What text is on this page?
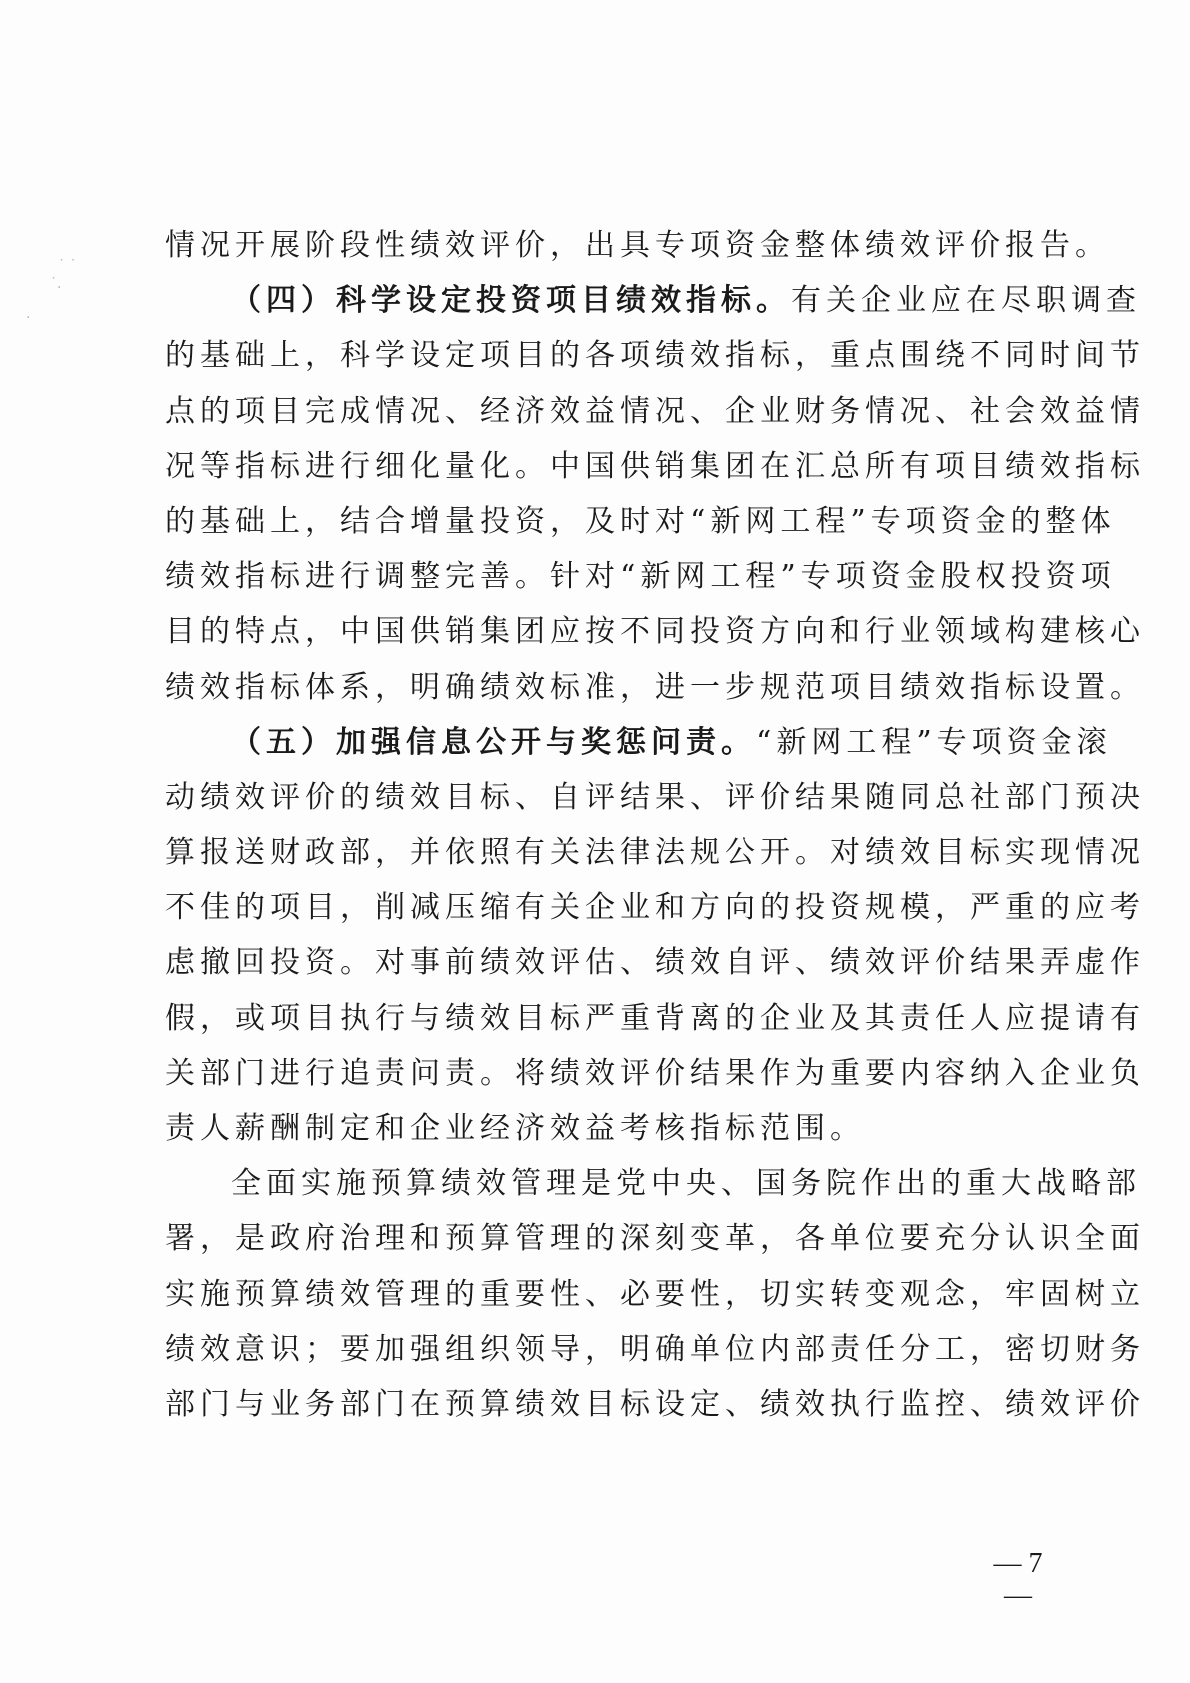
˙ ˙
˙.
·
情况开展阶段性绩效评价，出具专项资金整体绩效评价报告。
（四）科学设定投资项目绩效指标。有关企业应在尽职调查
的基础上，科学设定项目的各项绩效指标，重点围绕不同时间节
点的项目完成情况、经济效益情况、企业财务情况、社会效益情
况等指标进行细化量化。中国供销集团在汇总所有项目绩效指标
的基础上，结合增量投资，及时对“新网工程”专项资金的整体
绩效指标进行调整完善。针对“新网工程”专项资金股权投资项
目的特点，中国供销集团应按不同投资方向和行业领域构建核心
绩效指标体系，明确绩效标准，进一步规范项目绩效指标设置。
（五）加强信息公开与奖惩问责。“新网工程”专项资金滚
动绩效评价的绩效目标、自评结果、评价结果随同总社部门预决
算报送财政部，并依照有关法律法规公开。对绩效目标实现情况
不佳的项目，削减压缩有关企业和方向的投资规模，严重的应考
虑撤回投资。对事前绩效评估、绩效自评、绩效评价结果弄虚作
假，或项目执行与绩效目标严重背离的企业及其责任人应提请有
关部门进行追责问责。将绩效评价结果作为重要内容纳入企业负
责人薪酬制定和企业经济效益考核指标范围。
全面实施预算绩效管理是党中央、国务院作出的重大战略部
署，是政府治理和预算管理的深刻变革，各单位要充分认识全面
实施预算绩效管理的重要性、必要性，切实转变观念，牢固树立
绩效意识；要加强组织领导，明确单位内部责任分工，密切财务
部门与业务部门在预算绩效目标设定、绩效执行监控、绩效评价
— 7 —
